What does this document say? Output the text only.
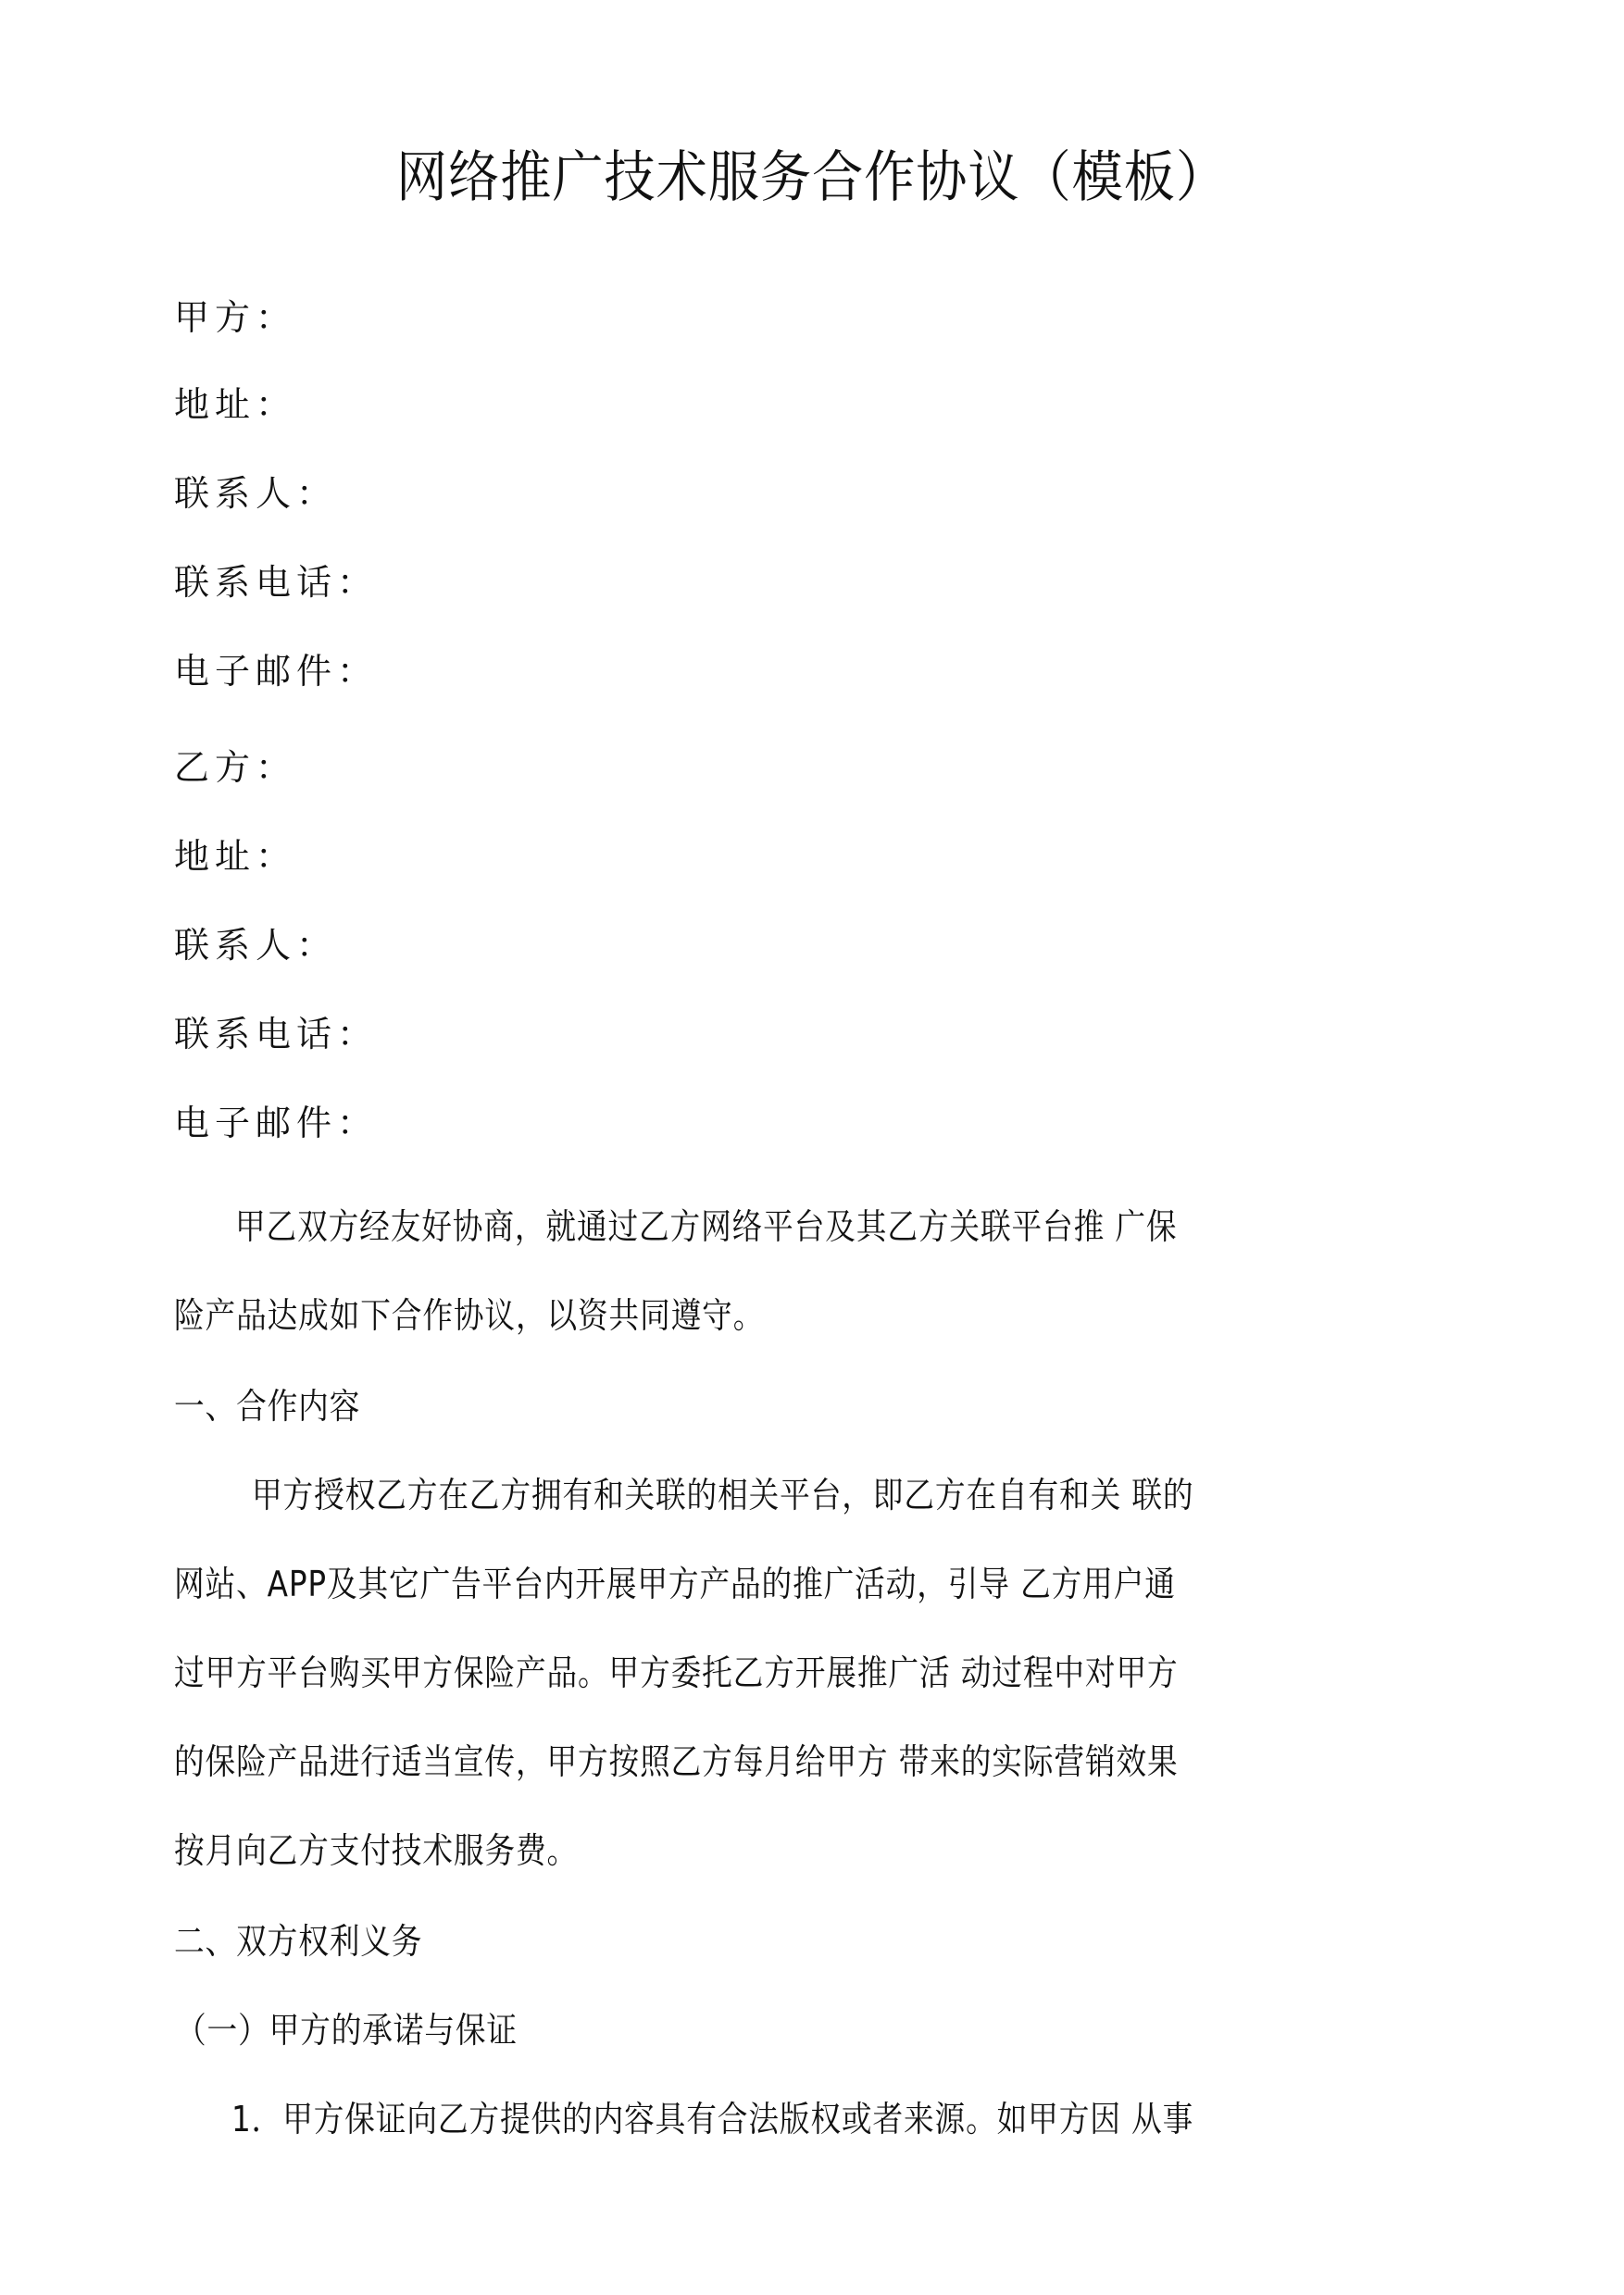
网络推广技术服务合作协议（模板）
甲方：
地址：
联系人：
联系电话：
电子邮件：
乙方：
地址：
联系人：
联系电话：
电子邮件：
甲乙双方经友好协商，就通过乙方网络平台及其乙方关联平台推 广保
险产品达成如下合作协议，以资共同遵守。
一、合作内容
甲方授权乙方在乙方拥有和关联的相关平台，即乙方在自有和关 联的
网站、APP及其它广告平台内开展甲方产品的推广活动，引导 乙方用户通
过甲方平台购买甲方保险产品。甲方委托乙方开展推广活 动过程中对甲方
的保险产品进行适当宣传，甲方按照乙方每月给甲方 带来的实际营销效果
按月向乙方支付技术服务费。
二、双方权利义务
（一）甲方的承诺与保证
1．甲方保证向乙方提供的内容具有合法版权或者来源。如甲方因 从事
